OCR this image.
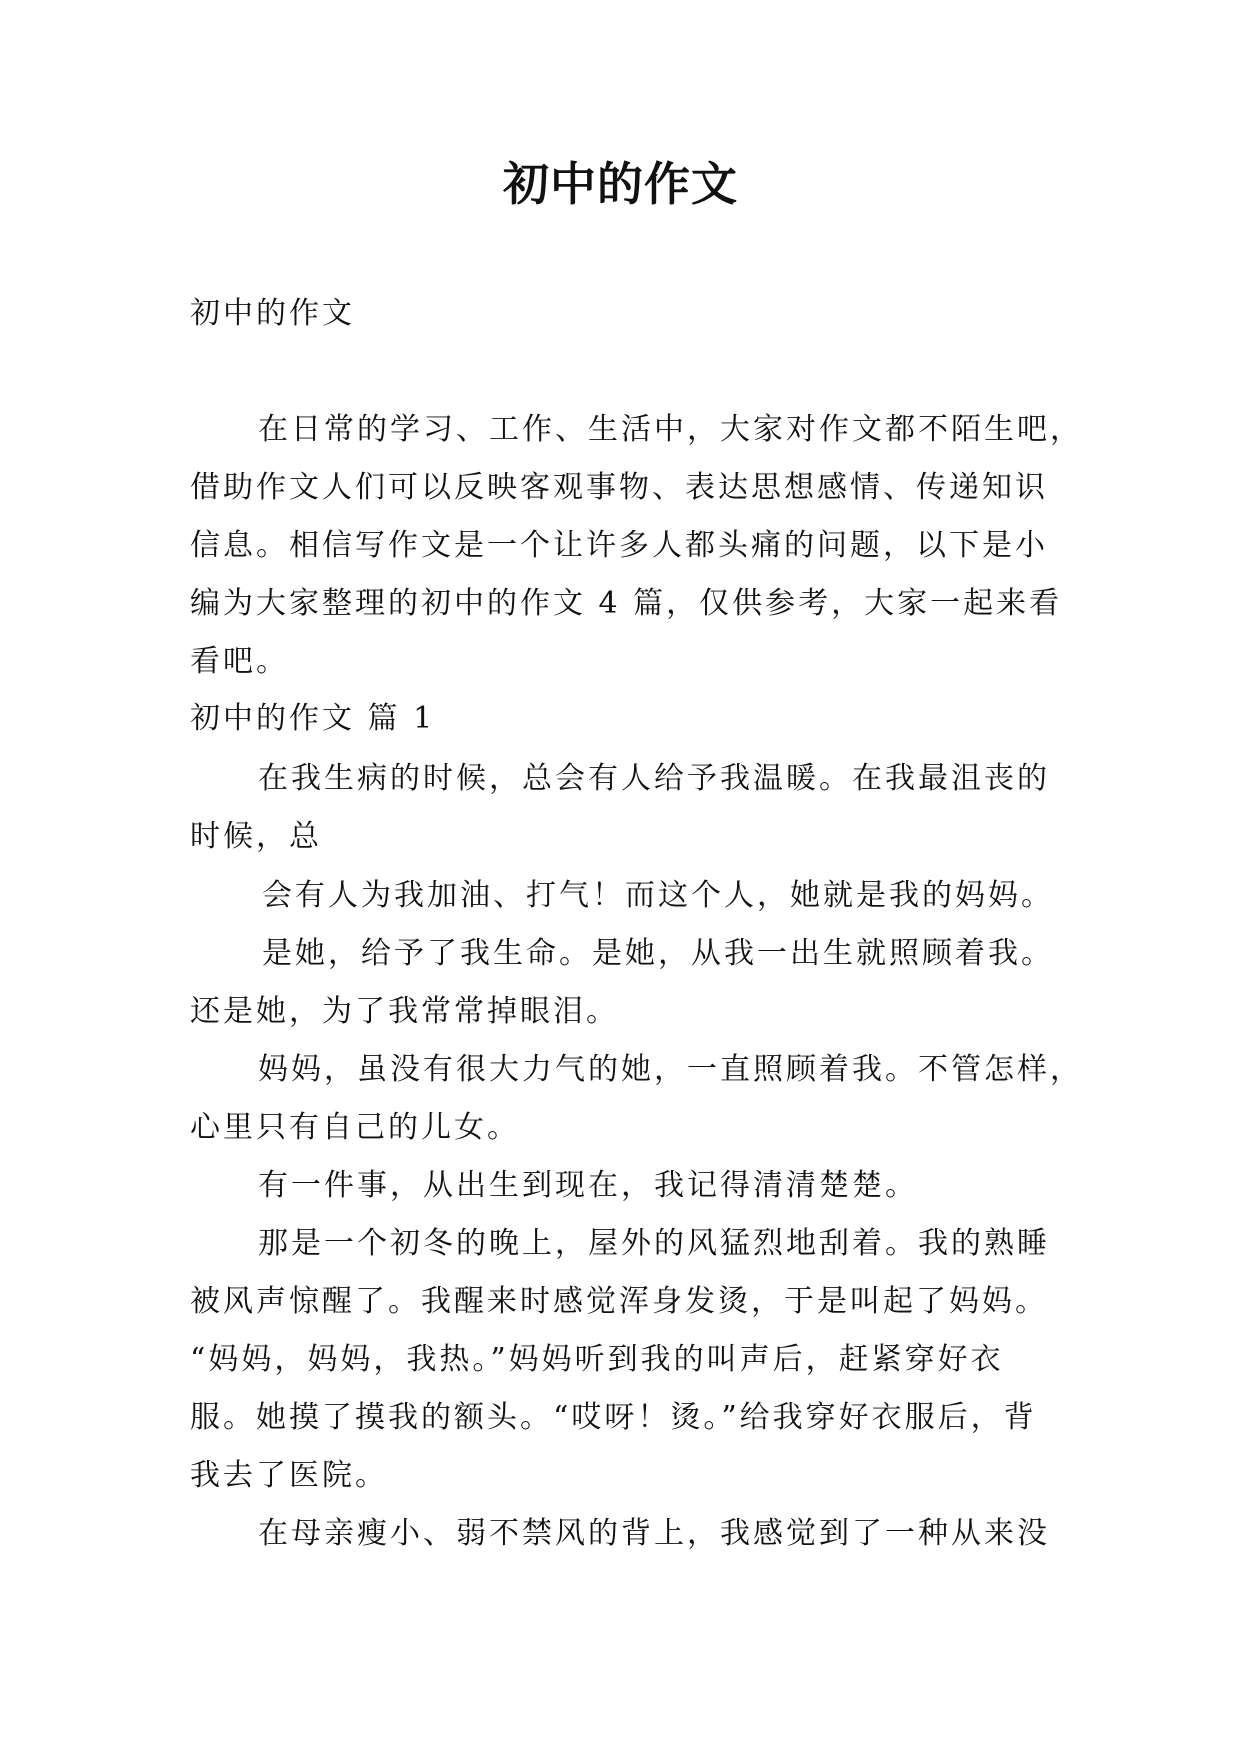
初中的作文
初中的作文
在日常的学习、工作、生活中，大家对作文都不陌生吧，
借助作文人们可以反映客观事物、表达思想感情、传递知识
信息。相信写作文是一个让许多人都头痛的问题，以下是小
编为大家整理的初中的作文 4 篇，仅供参考，大家一起来看
看吧。
初中的作文 篇 1
在我生病的时候，总会有人给予我温暖。在我最沮丧的
时候，总
会有人为我加油、打气！而这个人，她就是我的妈妈。
是她，给予了我生命。是她，从我一出生就照顾着我。
还是她，为了我常常掉眼泪。
妈妈，虽没有很大力气的她，一直照顾着我。不管怎样，
心里只有自己的儿女。
有一件事，从出生到现在，我记得清清楚楚。
那是一个初冬的晚上，屋外的风猛烈地刮着。我的熟睡
被风声惊醒了。我醒来时感觉浑身发烫，于是叫起了妈妈。
“妈妈，妈妈，我热。”妈妈听到我的叫声后，赶紧穿好衣
服。她摸了摸我的额头。“哎呀！烫。”给我穿好衣服后，背
我去了医院。
在母亲瘦小、弱不禁风的背上，我感觉到了一种从来没
